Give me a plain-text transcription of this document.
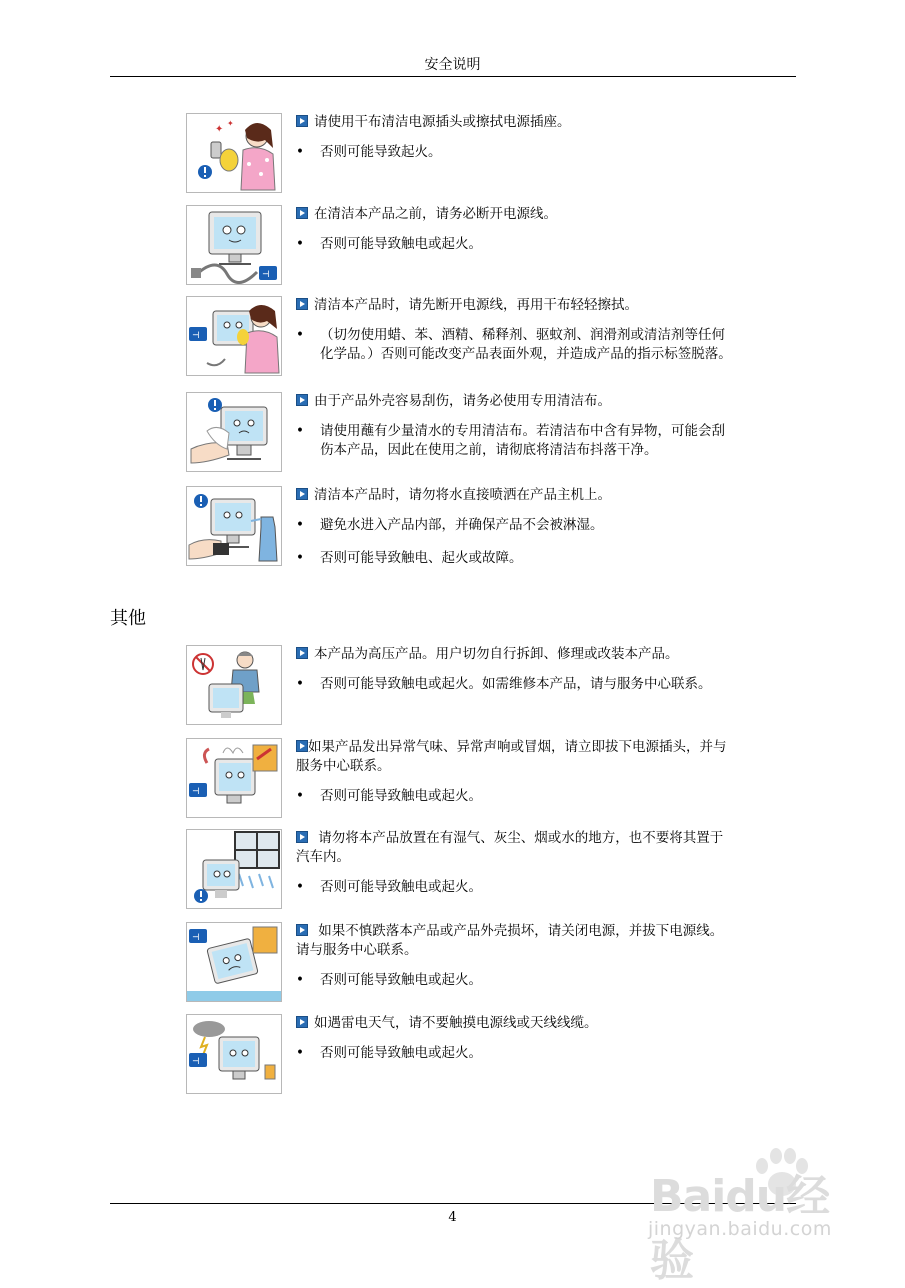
安全说明
✦
✦	请使用干布清洁电源插头或擦拭电源插座。

• 否则可能导致起火。
⊣

在清洁本产品之前，请务必断开电源线。

• 否则可能导致触电或起火。
⊣

清洁本产品时，请先断开电源线，再用干布轻轻擦拭。

• （切勿使用蜡、苯、酒精、稀释剂、驱蚊剂、润滑剂或清洁剂等任何化学品。）否则可能改变产品表面外观，并造成产品的指示标签脱落。

由于产品外壳容易刮伤，请务必使用专用清洁布。

• 请使用蘸有少量清水的专用清洁布。若清洁布中含有异物，可能会刮伤本产品，因此在使用之前，请彻底将清洁布抖落干净。

清洁本产品时，请勿将水直接喷洒在产品主机上。

• 避免水进入产品内部，并确保产品不会被淋湿。
• 否则可能导致触电、起火或故障。
其他

本产品为高压产品。用户切勿自行拆卸、修理或改装本产品。

• 否则可能导致触电或起火。如需维修本产品，请与服务中心联系。
⊣

如果产品发出异常气味、异常声响或冒烟，请立即拔下电源插头，并与服务中心联系。

• 否则可能导致触电或起火。

请勿将本产品放置在有湿气、灰尘、烟或水的地方，也不要将其置于汽车内。

• 否则可能导致触电或起火。
⊣	如果不慎跌落本产品或产品外壳损坏，请关闭电源，并拔下电源线。请与服务中心联系。

• 否则可能导致触电或起火。
⊣

如遇雷电天气，请不要触摸电源线或天线线缆。

• 否则可能导致触电或起火。
4	Baidu经验
jingyan.baidu.com
